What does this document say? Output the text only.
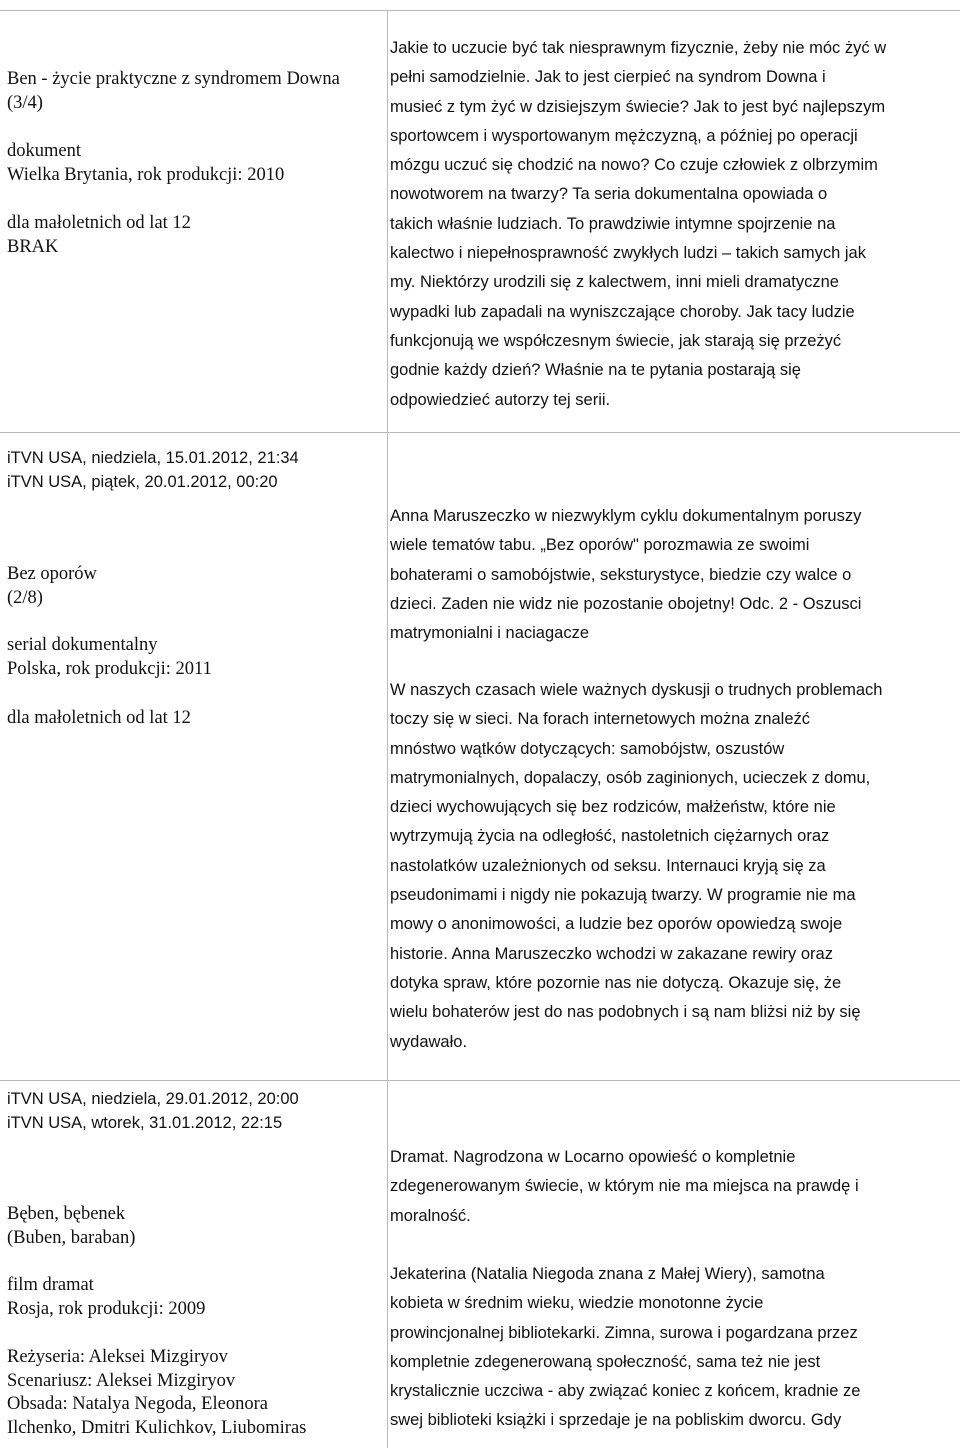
Ben - życie praktyczne z syndromem Downa
(3/4)
dokument
Wielka Brytania, rok produkcji: 2010
dla małoletnich od lat 12
BRAK
Jakie to uczucie być tak niesprawnym fizycznie, żeby nie móc żyć w
pełni samodzielnie. Jak to jest cierpieć na syndrom Downa i
musieć z tym żyć w dzisiejszym świecie? Jak to jest być najlepszym
sportowcem i wysportowanym mężczyzną, a później po operacji
mózgu uczuć się chodzić na nowo? Co czuje człowiek z olbrzymim
nowotworem na twarzy? Ta seria dokumentalna opowiada o
takich właśnie ludziach. To prawdziwie intymne spojrzenie na
kalectwo i niepełnosprawność zwykłych ludzi – takich samych jak
my. Niektórzy urodzili się z kalectwem, inni mieli dramatyczne
wypadki lub zapadali na wyniszczające choroby. Jak tacy ludzie
funkcjonują we współczesnym świecie, jak starają się przeżyć
godnie każdy dzień? Właśnie na te pytania postarają się
odpowiedzieć autorzy tej serii.
iTVN USA, niedziela, 15.01.2012, 21:34
iTVN USA, piątek, 20.01.2012, 00:20
Bez oporów
(2/8)
serial dokumentalny
Polska, rok produkcji: 2011
dla małoletnich od lat 12
Anna Maruszeczko w niezwyklym cyklu dokumentalnym poruszy
wiele tematów tabu. „Bez oporów" porozmawia ze swoimi
bohaterami o samobójstwie, seksturystyce, biedzie czy walce o
dzieci. Zaden nie widz nie pozostanie obojetny! Odc. 2 - Oszusci
matrymonialni i naciagacze
W naszych czasach wiele ważnych dyskusji o trudnych problemach
toczy się w sieci. Na forach internetowych można znaleźć
mnóstwo wątków dotyczących: samobójstw, oszustów
matrymonialnych, dopalaczy, osób zaginionych, ucieczek z domu,
dzieci wychowujących się bez rodziców, małżeństw, które nie
wytrzymują życia na odległość, nastoletnich ciężarnych oraz
nastolatków uzależnionych od seksu. Internauci kryją się za
pseudonimami i nigdy nie pokazują twarzy. W programie nie ma
mowy o anonimowości, a ludzie bez oporów opowiedzą swoje
historie. Anna Maruszeczko wchodzi w zakazane rewiry oraz
dotyka spraw, które pozornie nas nie dotyczą. Okazuje się, że
wielu bohaterów jest do nas podobnych i są nam bliżsi niż by się
wydawało.
iTVN USA, niedziela, 29.01.2012, 20:00
iTVN USA, wtorek, 31.01.2012, 22:15
Bęben, bębenek
(Buben, baraban)
film dramat
Rosja, rok produkcji: 2009
Reżyseria: Aleksei Mizgiryov
Scenariusz: Aleksei Mizgiryov
Obsada: Natalya Negoda, Eleonora
Ilchenko, Dmitri Kulichkov, Liubomiras
Dramat. Nagrodzona w Locarno opowieść o kompletnie
zdegenerowanym świecie, w którym nie ma miejsca na prawdę i
moralność.
Jekaterina (Natalia Niegoda znana z Małej Wiery), samotna
kobieta w średnim wieku, wiedzie monotonne życie
prowincjonalnej bibliotekarki. Zimna, surowa i pogardzana przez
kompletnie zdegenerowaną społeczność, sama też nie jest
krystalicznie uczciwa - aby związać koniec z końcem, kradnie ze
swej biblioteki książki i sprzedaje je na pobliskim dworcu. Gdy
